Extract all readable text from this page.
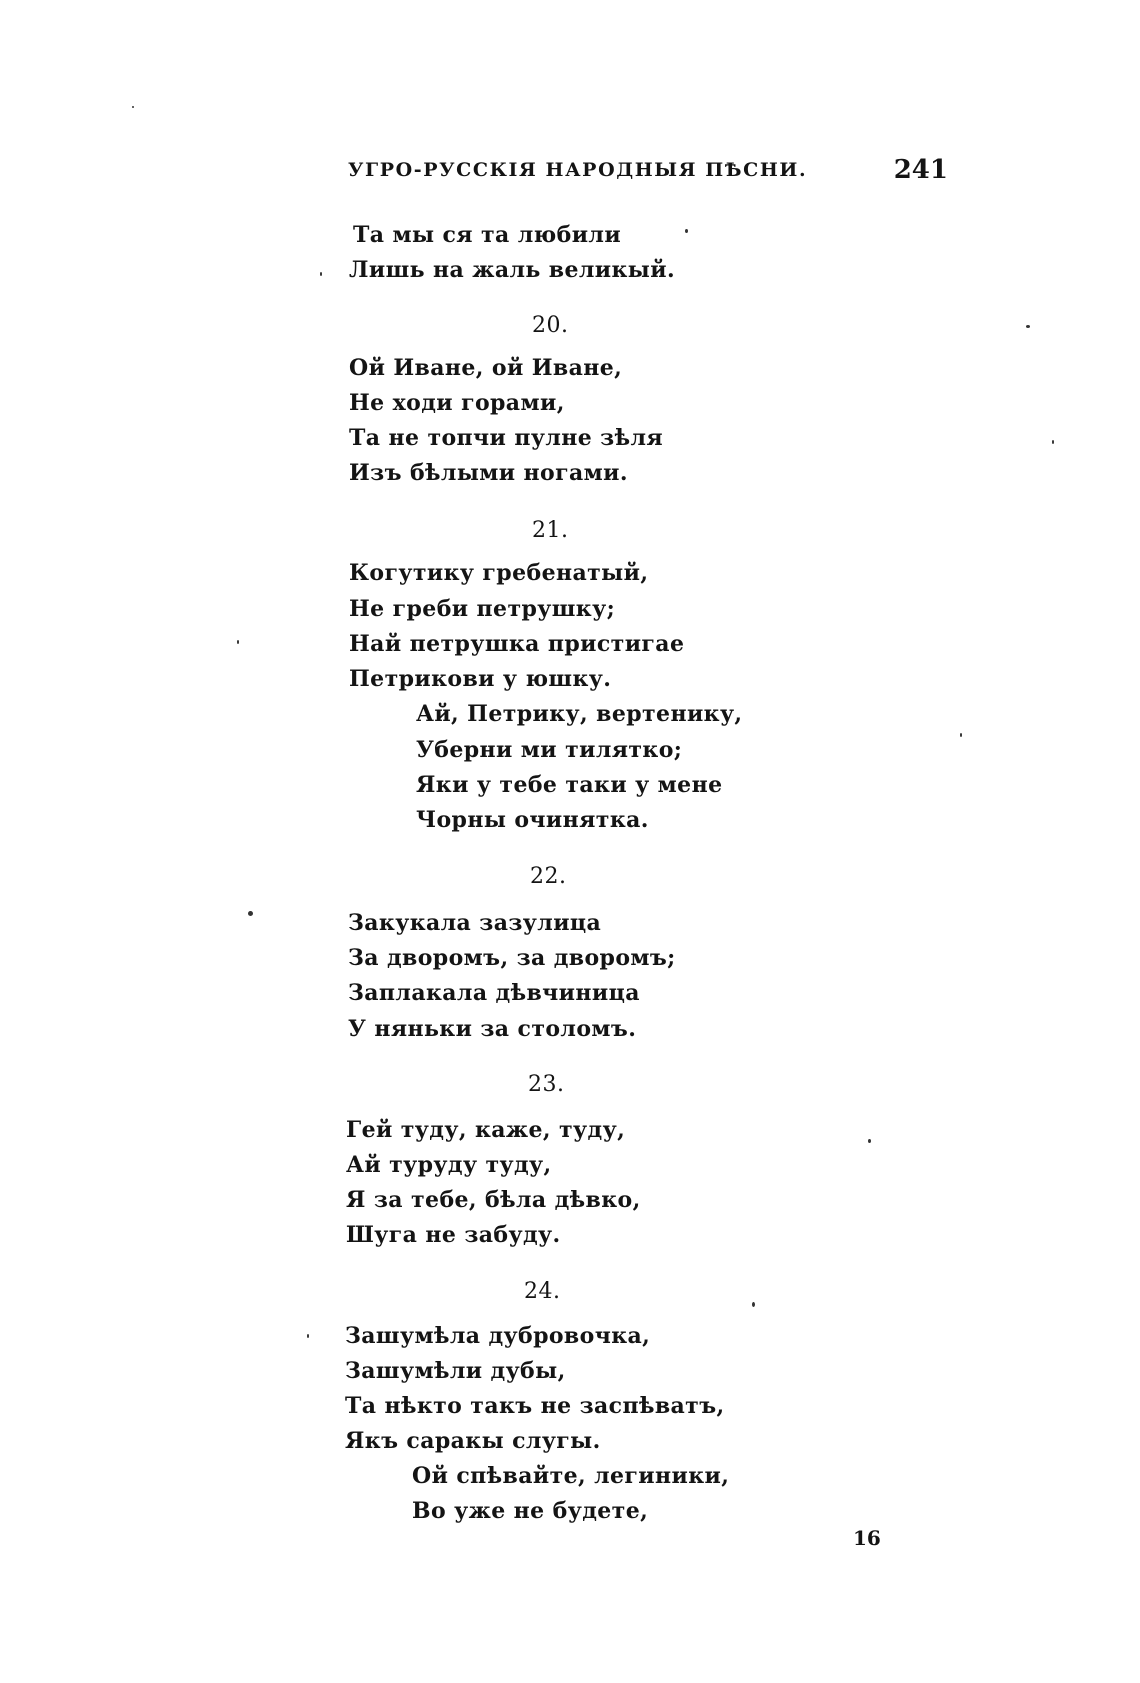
УГРО-РУССКІЯ НАРОДНЫЯ ПѢСНИ.	241
Та мы ся та любили
Лишь на жаль великый.
20.
Ой Иване, ой Иване,
Не ходи горами,
Та не топчи пулне зѣля
Изъ бѣлыми ногами.
21.
Когутику гребенатый,
Не греби петрушку;
Най петрушка пристигае
Петрикови у юшку.
Ай, Петрику, вертенику,
Уберни ми тилятко;
Яки у тебе таки у мене
Чорны очинятка.
22.
Закукала зазулица
За дворомъ, за дворомъ;
Заплакала дѣвчиница
У няньки за столомъ.
23.
Гей туду, каже, туду,
Ай туруду туду,
Я за тебе, бѣла дѣвко,
Шуга не забуду.
24.
Зашумѣла дубровочка,
Зашумѣли дубы,
Та нѣкто такъ не заспѣватъ,
Якъ саракы слугы.
Ой спѣвайте, легиники,
Во уже не будете,
16
